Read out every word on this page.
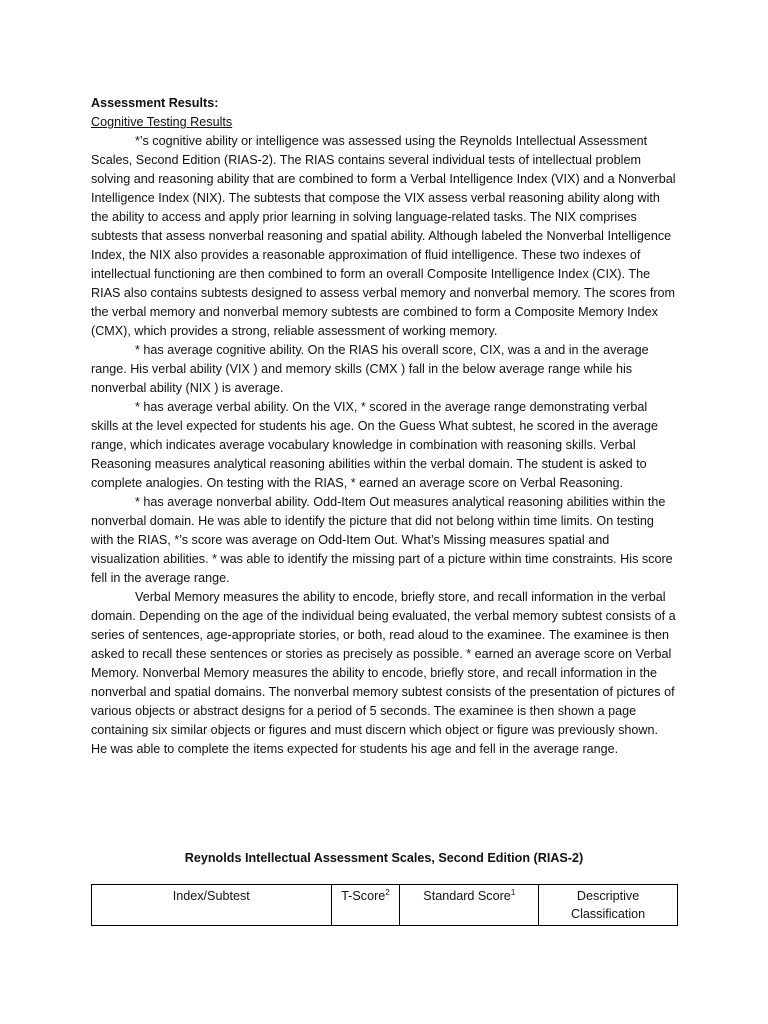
Assessment Results:

Cognitive Testing Results

*’s cognitive ability or intelligence was assessed using the Reynolds Intellectual Assessment Scales, Second Edition (RIAS-2). The RIAS contains several individual tests of intellectual problem solving and reasoning ability that are combined to form a Verbal Intelligence Index (VIX) and a Nonverbal Intelligence Index (NIX). The subtests that compose the VIX assess verbal reasoning ability along with the ability to access and apply prior learning in solving language-related tasks. The NIX comprises subtests that assess nonverbal reasoning and spatial ability. Although labeled the Nonverbal Intelligence Index, the NIX also provides a reasonable approximation of fluid intelligence. These two indexes of intellectual functioning are then combined to form an overall Composite Intelligence Index (CIX). The RIAS also contains subtests designed to assess verbal memory and nonverbal memory. The scores from the verbal memory and nonverbal memory subtests are combined to form a Composite Memory Index (CMX), which provides a strong, reliable assessment of working memory.

* has average cognitive ability. On the RIAS his overall score, CIX, was a and in the average range. His verbal ability (VIX ) and memory skills (CMX ) fall in the below average range while his nonverbal ability (NIX ) is average.

* has average verbal ability. On the VIX, * scored in the average range demonstrating verbal skills at the level expected for students his age. On the Guess What subtest, he scored in the average range, which indicates average vocabulary knowledge in combination with reasoning skills. Verbal Reasoning measures analytical reasoning abilities within the verbal domain. The student is asked to complete analogies. On testing with the RIAS, * earned an average score on Verbal Reasoning.

* has average nonverbal ability. Odd-Item Out measures analytical reasoning abilities within the nonverbal domain. He was able to identify the picture that did not belong within time limits. On testing with the RIAS, *’s score was average on Odd-Item Out. What’s Missing measures spatial and visualization abilities. * was able to identify the missing part of a picture within time constraints. His score fell in the average range.

Verbal Memory measures the ability to encode, briefly store, and recall information in the verbal domain. Depending on the age of the individual being evaluated, the verbal memory subtest consists of a series of sentences, age-appropriate stories, or both, read aloud to the examinee. The examinee is then asked to recall these sentences or stories as precisely as possible. * earned an average score on Verbal Memory. Nonverbal Memory measures the ability to encode, briefly store, and recall information in the nonverbal and spatial domains. The nonverbal memory subtest consists of the presentation of pictures of various objects or abstract designs for a period of 5 seconds. The examinee is then shown a page containing six similar objects or figures and must discern which object or figure was previously shown. He was able to complete the items expected for students his age and fell in the average range.

Reynolds Intellectual Assessment Scales, Second Edition (RIAS-2)

Index/Subtest	T-Score$^2$	Standard Score$^1$	Descriptive Classification
